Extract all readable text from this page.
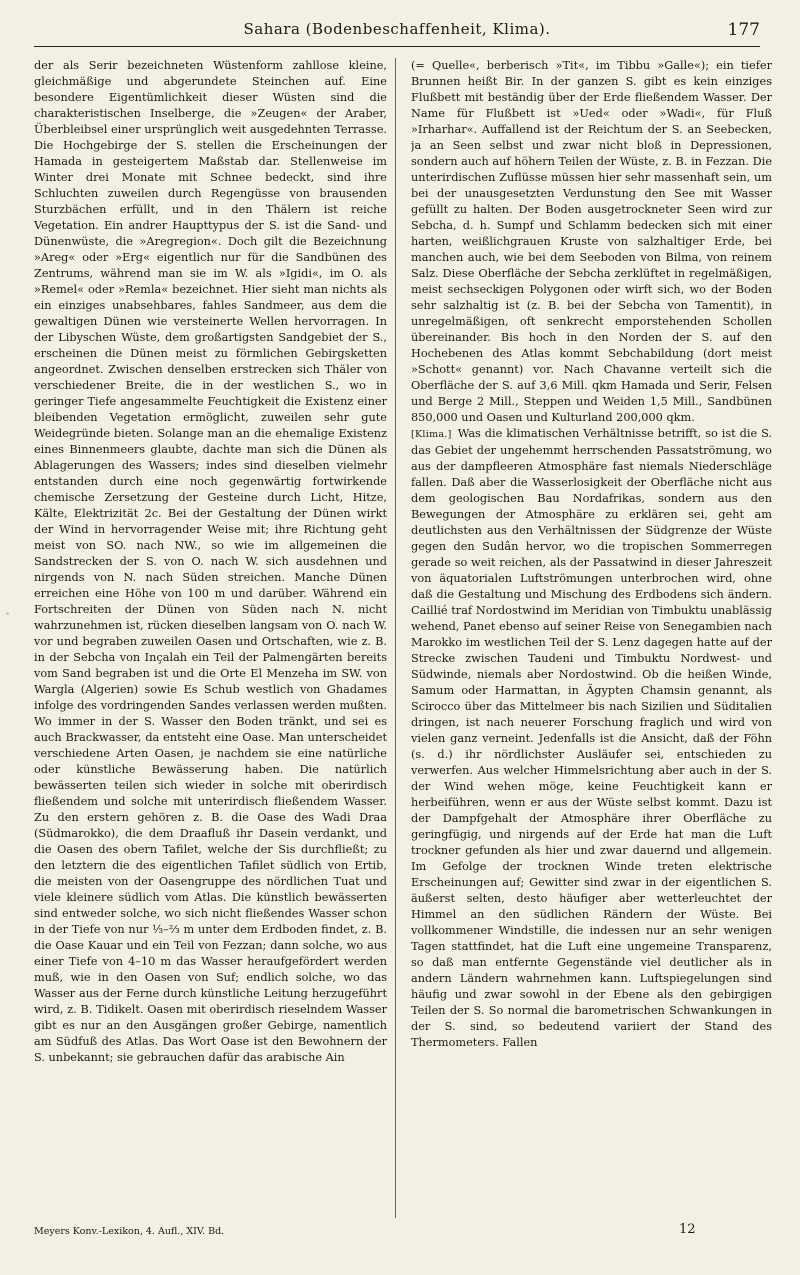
Sahara (Bodenbeschaffenheit, Klima).	177

der als Serir bezeichneten Wüstenform zahllose kleine, gleichmäßige und abgerundete Steinchen auf. Eine besondere Eigentümlichkeit dieser Wüsten sind die charakteristischen Inselberge, die »Zeugen« der Araber, Überbleibsel einer ursprünglich weit ausgedehnten Terrasse. Die Hochgebirge der S. stellen die Erscheinungen der Hamada in gesteigertem Maßstab dar. Stellenweise im Winter drei Monate mit Schnee bedeckt, sind ihre Schluchten zuweilen durch Regengüsse von brausenden Sturzbächen erfüllt, und in den Thälern ist reiche Vegetation. Ein andrer Haupttypus der S. ist die Sand- und Dünenwüste, die »Aregregion«. Doch gilt die Bezeichnung »Areg« oder »Erg« eigentlich nur für die Sandbünen des Zentrums, während man sie im W. als »Igidi«, im O. als »Remel« oder »Remla« bezeichnet. Hier sieht man nichts als ein einziges unabsehbares, fahles Sandmeer, aus dem die gewaltigen Dünen wie versteinerte Wellen hervorragen. In der Libyschen Wüste, dem großartigsten Sandgebiet der S., erscheinen die Dünen meist zu förmlichen Gebirgsketten angeordnet. Zwischen denselben erstrecken sich Thäler von verschiedener Breite, die in der westlichen S., wo in geringer Tiefe angesammelte Feuchtigkeit die Existenz einer bleibenden Vegetation ermöglicht, zuweilen sehr gute Weidegründe bieten. Solange man an die ehemalige Existenz eines Binnenmeers glaubte, dachte man sich die Dünen als Ablagerungen des Wassers; indes sind dieselben vielmehr entstanden durch eine noch gegenwärtig fortwirkende chemische Zersetzung der Gesteine durch Licht, Hitze, Kälte, Elektrizität 2c. Bei der Gestaltung der Dünen wirkt der Wind in hervorragender Weise mit; ihre Richtung geht meist von SO. nach NW., so wie im allgemeinen die Sandstrecken der S. von O. nach W. sich ausdehnen und nirgends von N. nach Süden streichen. Manche Dünen erreichen eine Höhe von 100 m und darüber. Während ein Fortschreiten der Dünen von Süden nach N. nicht wahrzunehmen ist, rücken dieselben langsam von O. nach W. vor und begraben zuweilen Oasen und Ortschaften, wie z. B. in der Sebcha von Inçalah ein Teil der Palmengärten bereits vom Sand begraben ist und die Orte El Menzeha im SW. von Wargla (Algerien) sowie Es Schub westlich von Ghadames infolge des vordringenden Sandes verlassen werden mußten. Wo immer in der S. Wasser den Boden tränkt, und sei es auch Brackwasser, da entsteht eine Oase. Man unterscheidet verschiedene Arten Oasen, je nachdem sie eine natürliche oder künstliche Bewässerung haben. Die natürlich bewässerten teilen sich wieder in solche mit oberirdisch fließendem und solche mit unterirdisch fließendem Wasser. Zu den erstern gehören z. B. die Oase des Wadi Draa (Südmarokko), die dem Draafluß ihr Dasein verdankt, und die Oasen des obern Tafilet, welche der Sis durchfließt; zu den letztern die des eigentlichen Tafilet südlich von Ertib, die meisten von der Oasengruppe des nördlichen Tuat und viele kleinere südlich vom Atlas. Die künstlich bewässerten sind entweder solche, wo sich nicht fließendes Wasser schon in der Tiefe von nur ⅓–⅔ m unter dem Erdboden findet, z. B. die Oase Kauar und ein Teil von Fezzan; dann solche, wo aus einer Tiefe von 4–10 m das Wasser heraufgefördert werden muß, wie in den Oasen von Suf; endlich solche, wo das Wasser aus der Ferne durch künstliche Leitung herzugeführt wird, z. B. Tidikelt. Oasen mit oberirdisch rieselndem Wasser gibt es nur an den Ausgängen großer Gebirge, namentlich am Südfuß des Atlas. Das Wort Oase ist den Bewohnern der S. unbekannt; sie gebrauchen dafür das arabische Ain

(= Quelle«, berberisch »Tit«, im Tibbu »Galle«); ein tiefer Brunnen heißt Bir. In der ganzen S. gibt es kein einziges Flußbett mit beständig über der Erde fließendem Wasser. Der Name für Flußbett ist »Ued« oder »Wadi«, für Fluß »Irharhar«. Auffallend ist der Reichtum der S. an Seebecken, ja an Seen selbst und zwar nicht bloß in Depressionen, sondern auch auf höhern Teilen der Wüste, z. B. in Fezzan. Die unterirdischen Zuflüsse müssen hier sehr massenhaft sein, um bei der unausgesetzten Verdunstung den See mit Wasser gefüllt zu halten. Der Boden ausgetrockneter Seen wird zur Sebcha, d. h. Sumpf und Schlamm bedecken sich mit einer harten, weißlichgrauen Kruste von salzhaltiger Erde, bei manchen auch, wie bei dem Seeboden von Bilma, von reinem Salz. Diese Oberfläche der Sebcha zerklüftet in regelmäßigen, meist sechseckigen Polygonen oder wirft sich, wo der Boden sehr salzhaltig ist (z. B. bei der Sebcha von Tamentit), in unregelmäßigen, oft senkrecht emporstehenden Schollen übereinander. Bis hoch in den Norden der S. auf den Hochebenen des Atlas kommt Sebchabildung (dort meist »Schott« genannt) vor. Nach Chavanne verteilt sich die Oberfläche der S. auf 3,6 Mill. qkm Hamada und Serir, Felsen und Berge 2 Mill., Steppen und Weiden 1,5 Mill., Sandbünen 850,000 und Oasen und Kulturland 200,000 qkm.

[Klima.] Was die klimatischen Verhältnisse betrifft, so ist die S. das Gebiet der ungehemmt herrschenden Passatströmung, wo aus der dampfleeren Atmosphäre fast niemals Niederschläge fallen. Daß aber die Wasserlosigkeit der Oberfläche nicht aus dem geologischen Bau Nordafrikas, sondern aus den Bewegungen der Atmosphäre zu erklären sei, geht am deutlichsten aus den Verhältnissen der Südgrenze der Wüste gegen den Sudân hervor, wo die tropischen Sommerregen gerade so weit reichen, als der Passatwind in dieser Jahreszeit von äquatorialen Luftströmungen unterbrochen wird, ohne daß die Gestaltung und Mischung des Erdbodens sich ändern. Caillié traf Nordostwind im Meridian von Timbuktu unablässig wehend, Panet ebenso auf seiner Reise von Senegambien nach Marokko im westlichen Teil der S. Lenz dagegen hatte auf der Strecke zwischen Taudeni und Timbuktu Nordwest- und Südwinde, niemals aber Nordostwind. Ob die heißen Winde, Samum oder Harmattan, in Ägypten Chamsin genannt, als Scirocco über das Mittelmeer bis nach Sizilien und Süditalien dringen, ist nach neuerer Forschung fraglich und wird von vielen ganz verneint. Jedenfalls ist die Ansicht, daß der Föhn (s. d.) ihr nördlichster Ausläufer sei, entschieden zu verwerfen. Aus welcher Himmelsrichtung aber auch in der S. der Wind wehen möge, keine Feuchtigkeit kann er herbeiführen, wenn er aus der Wüste selbst kommt. Dazu ist der Dampfgehalt der Atmosphäre ihrer Oberfläche zu geringfügig, und nirgends auf der Erde hat man die Luft trockner gefunden als hier und zwar dauernd und allgemein. Im Gefolge der trocknen Winde treten elektrische Erscheinungen auf; Gewitter sind zwar in der eigentlichen S. äußerst selten, desto häufiger aber wetterleuchtet der Himmel an den südlichen Rändern der Wüste. Bei vollkommener Windstille, die indessen nur an sehr wenigen Tagen stattfindet, hat die Luft eine ungemeine Transparenz, so daß man entfernte Gegenstände viel deutlicher als in andern Ländern wahrnehmen kann. Luftspiegelungen sind häufig und zwar sowohl in der Ebene als den gebirgigen Teilen der S. So normal die barometrischen Schwankungen in der S. sind, so bedeutend variiert der Stand des Thermometers. Fallen

Meyers Konv.-Lexikon, 4. Aufl., XIV. Bd.	12
